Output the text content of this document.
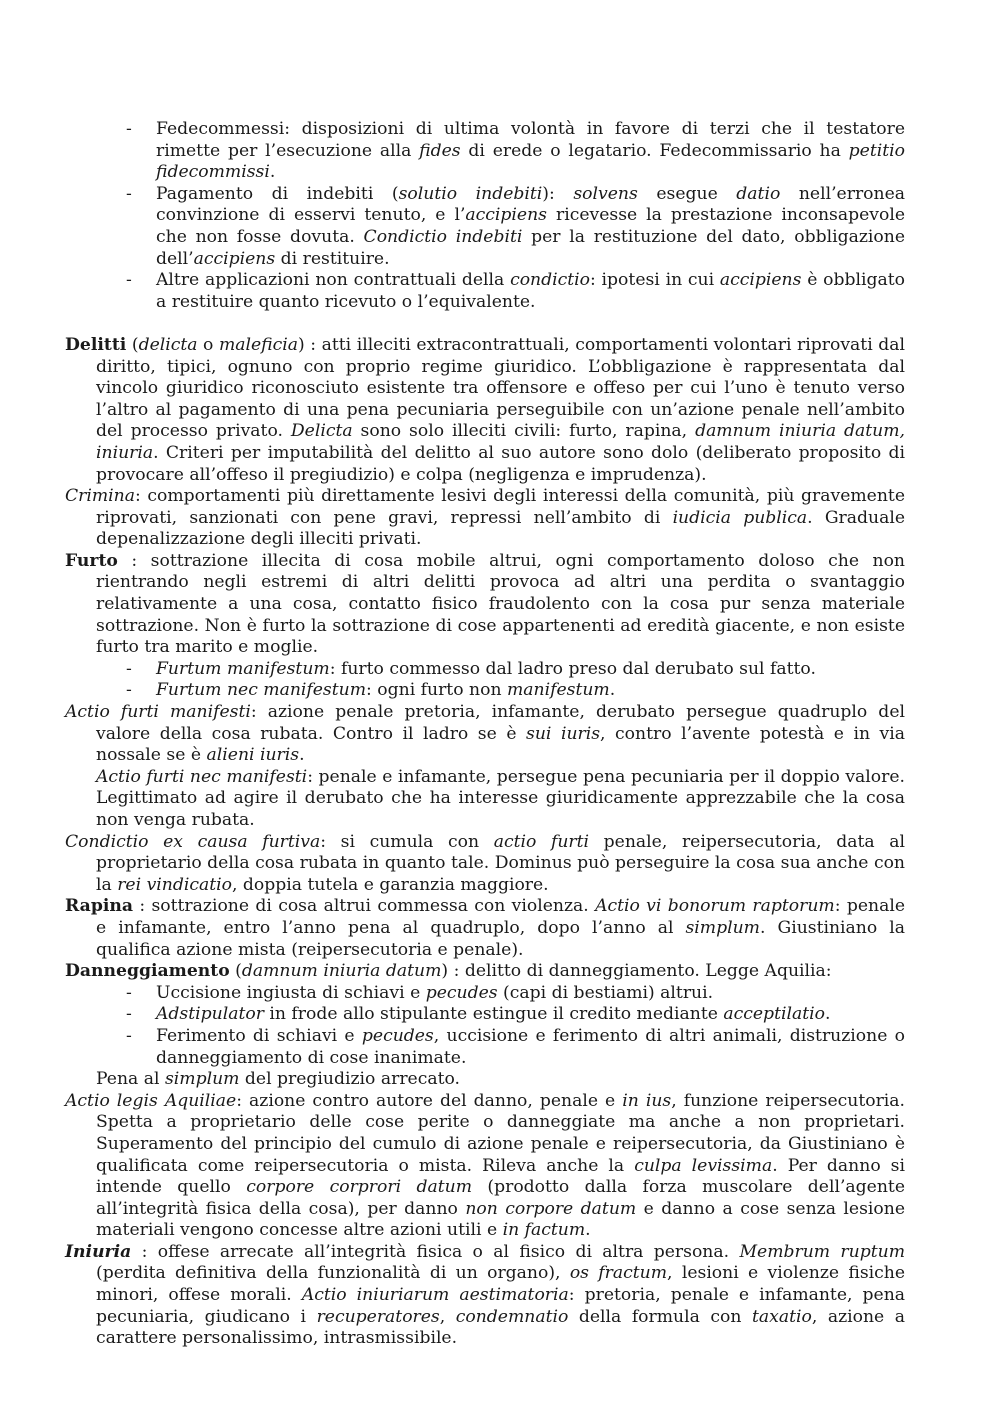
- Fedecommessi: disposizioni di ultima volontà in favore di terzi che il testatore rimette per l’esecuzione alla fides di erede o legatario. Fedecommissario ha petitio fidecommissi.
- Pagamento di indebiti (solutio indebiti): solvens esegue datio nell’erronea convinzione di esservi tenuto, e l’accipiens ricevesse la prestazione inconsapevole che non fosse dovuta. Condictio indebiti per la restituzione del dato, obbligazione dell’accipiens di restituire.
- Altre applicazioni non contrattuali della condictio: ipotesi in cui accipiens è obbligato a restituire quanto ricevuto o l’equivalente.
Delitti (delicta o maleficia) : atti illeciti extracontrattuali, comportamenti volontari riprovati dal diritto, tipici, ognuno con proprio regime giuridico. L’obbligazione è rappresentata dal vincolo giuridico riconosciuto esistente tra offensore e offeso per cui l’uno è tenuto verso l’altro al pagamento di una pena pecuniaria perseguibile con un’azione penale nell’ambito del processo privato. Delicta sono solo illeciti civili: furto, rapina, damnum iniuria datum, iniuria. Criteri per imputabilità del delitto al suo autore sono dolo (deliberato proposito di provocare all’offeso il pregiudizio) e colpa (negligenza e imprudenza).
Crimina: comportamenti più direttamente lesivi degli interessi della comunità, più gravemente riprovati, sanzionati con pene gravi, repressi nell’ambito di iudicia publica. Graduale depenalizzazione degli illeciti privati.
Furto : sottrazione illecita di cosa mobile altrui, ogni comportamento doloso che non rientrando negli estremi di altri delitti provoca ad altri una perdita o svantaggio relativamente a una cosa, contatto fisico fraudolento con la cosa pur senza materiale sottrazione. Non è furto la sottrazione di cose appartenenti ad eredità giacente, e non esiste furto tra marito e moglie.
- Furtum manifestum: furto commesso dal ladro preso dal derubato sul fatto.
- Furtum nec manifestum: ogni furto non manifestum.
Actio furti manifesti: azione penale pretoria, infamante, derubato persegue quadruplo del valore della cosa rubata. Contro il ladro se è sui iuris, contro l’avente potestà e in via nossale se è alieni iuris.
Actio furti nec manifesti: penale e infamante, persegue pena pecuniaria per il doppio valore. Legittimato ad agire il derubato che ha interesse giuridicamente apprezzabile che la cosa non venga rubata.
Condictio ex causa furtiva: si cumula con actio furti penale, reipersecutoria, data al proprietario della cosa rubata in quanto tale. Dominus può perseguire la cosa sua anche con la rei vindicatio, doppia tutela e garanzia maggiore.
Rapina : sottrazione di cosa altrui commessa con violenza. Actio vi bonorum raptorum: penale e infamante, entro l’anno pena al quadruplo, dopo l’anno al simplum. Giustiniano la qualifica azione mista (reipersecutoria e penale).
Danneggiamento (damnum iniuria datum) : delitto di danneggiamento. Legge Aquilia:
- Uccisione ingiusta di schiavi e pecudes (capi di bestiami) altrui.
- Adstipulator in frode allo stipulante estingue il credito mediante acceptilatio.
- Ferimento di schiavi e pecudes, uccisione e ferimento di altri animali, distruzione o danneggiamento di cose inanimate.
Pena al simplum del pregiudizio arrecato.
Actio legis Aquiliae: azione contro autore del danno, penale e in ius, funzione reipersecutoria. Spetta a proprietario delle cose perite o danneggiate ma anche a non proprietari. Superamento del principio del cumulo di azione penale e reipersecutoria, da Giustiniano è qualificata come reipersecutoria o mista. Rileva anche la culpa levissima. Per danno si intende quello corpore corprori datum (prodotto dalla forza muscolare dell’agente all’integrità fisica della cosa), per danno non corpore datum e danno a cose senza lesione materiali vengono concesse altre azioni utili e in factum.
Iniuria : offese arrecate all’integrità fisica o al fisico di altra persona. Membrum ruptum (perdita definitiva della funzionalità di un organo), os fractum, lesioni e violenze fisiche minori, offese morali. Actio iniuriarum aestimatoria: pretoria, penale e infamante, pena pecuniaria, giudicano i recuperatores, condemnatio della formula con taxatio, azione a carattere personalissimo, intrasmissibile.
